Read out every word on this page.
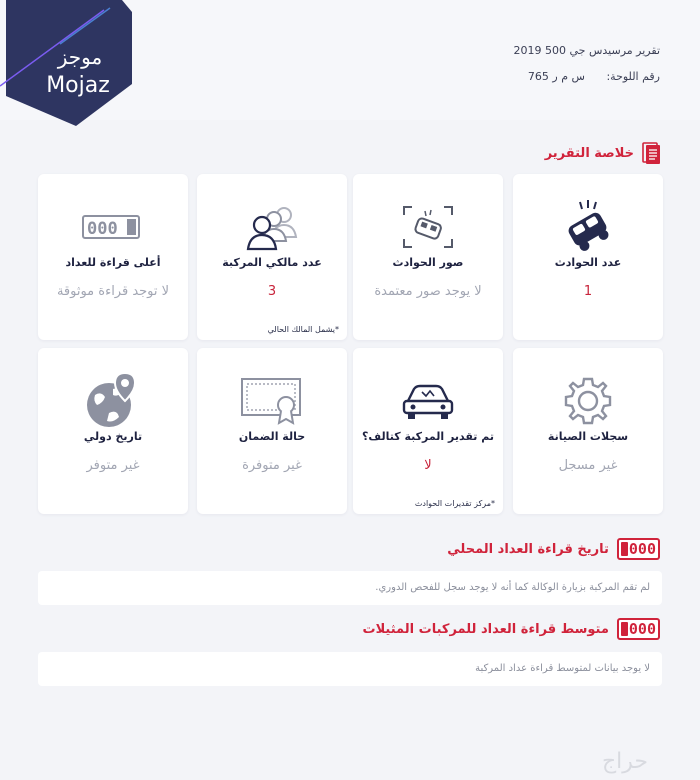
موجز
Mojaz
تقرير مرسيدس جي 500 2019
رقم اللوحة: س م ر 765
خلاصة التقرير
عدد الحوادث
1
صور الحوادث
لا يوجد صور معتمدة
عدد مالكي المركبة
3
*يشمل المالك الحالي
000
أعلى قراءة للعداد
لا توجد قراءة موثوقة
سجلات الصيانة
غير مسجل
تم تقدير المركبة كتالف؟
لا
*مركز تقديرات الحوادث
حالة الضمان
غير متوفرة
تاريخ دولي
غير متوفر
000
تاريخ قراءة العداد المحلي
لم تقم المركبة بزيارة الوكالة كما أنه لا يوجد سجل للفحص الدوري.
000
متوسط قراءة العداد للمركبات المثيلات
لا يوجد بيانات لمتوسط قراءة عداد المركبة
حراج
